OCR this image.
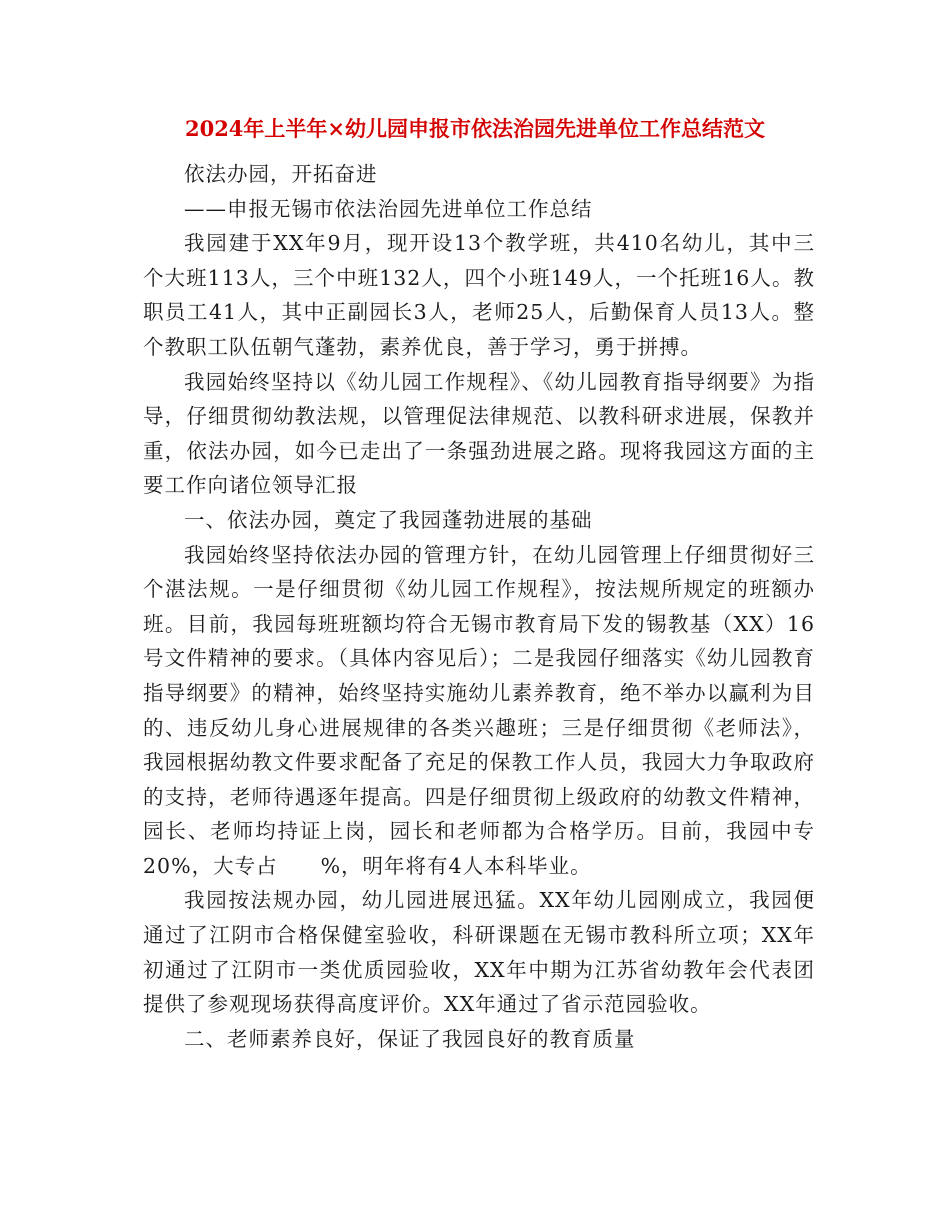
2024年上半年×幼儿园申报市依法治园先进单位工作总结范文

依法办园，开拓奋进

——申报无锡市依法治园先进单位工作总结

我园建于XX年9月，现开设13个教学班，共410名幼儿，其中三个大班113人，三个中班132人，四个小班149人，一个托班16人。教职员工41人，其中正副园长3人，老师25人，后勤保育人员13人。整个教职工队伍朝气蓬勃，素养优良，善于学习，勇于拼搏。

我园始终坚持以《幼儿园工作规程》、《幼儿园教育指导纲要》为指导，仔细贯彻幼教法规，以管理促法律规范、以教科研求进展，保教并重，依法办园，如今已走出了一条强劲进展之路。现将我园这方面的主要工作向诸位领导汇报

一、依法办园，奠定了我园蓬勃进展的基础

我园始终坚持依法办园的管理方针，在幼儿园管理上仔细贯彻好三个湛法规。一是仔细贯彻《幼儿园工作规程》，按法规所规定的班额办班。目前，我园每班班额均符合无锡市教育局下发的锡教基（XX）16号文件精神的要求。（具体内容见后）；二是我园仔细落实《幼儿园教育指导纲要》的精神，始终坚持实施幼儿素养教育，绝不举办以赢利为目的、违反幼儿身心进展规律的各类兴趣班；三是仔细贯彻《老师法》，我园根据幼教文件要求配备了充足的保教工作人员，我园大力争取政府的支持，老师待遇逐年提高。四是仔细贯彻上级政府的幼教文件精神，园长、老师均持证上岗，园长和老师都为合格学历。目前，我园中专20%，大专占　　%，明年将有4人本科毕业。

我园按法规办园，幼儿园进展迅猛。XX年幼儿园刚成立，我园便通过了江阴市合格保健室验收，科研课题在无锡市教科所立项；XX年初通过了江阴市一类优质园验收，XX年中期为江苏省幼教年会代表团提供了参观现场获得高度评价。XX年通过了省示范园验收。

二、老师素养良好，保证了我园良好的教育质量
